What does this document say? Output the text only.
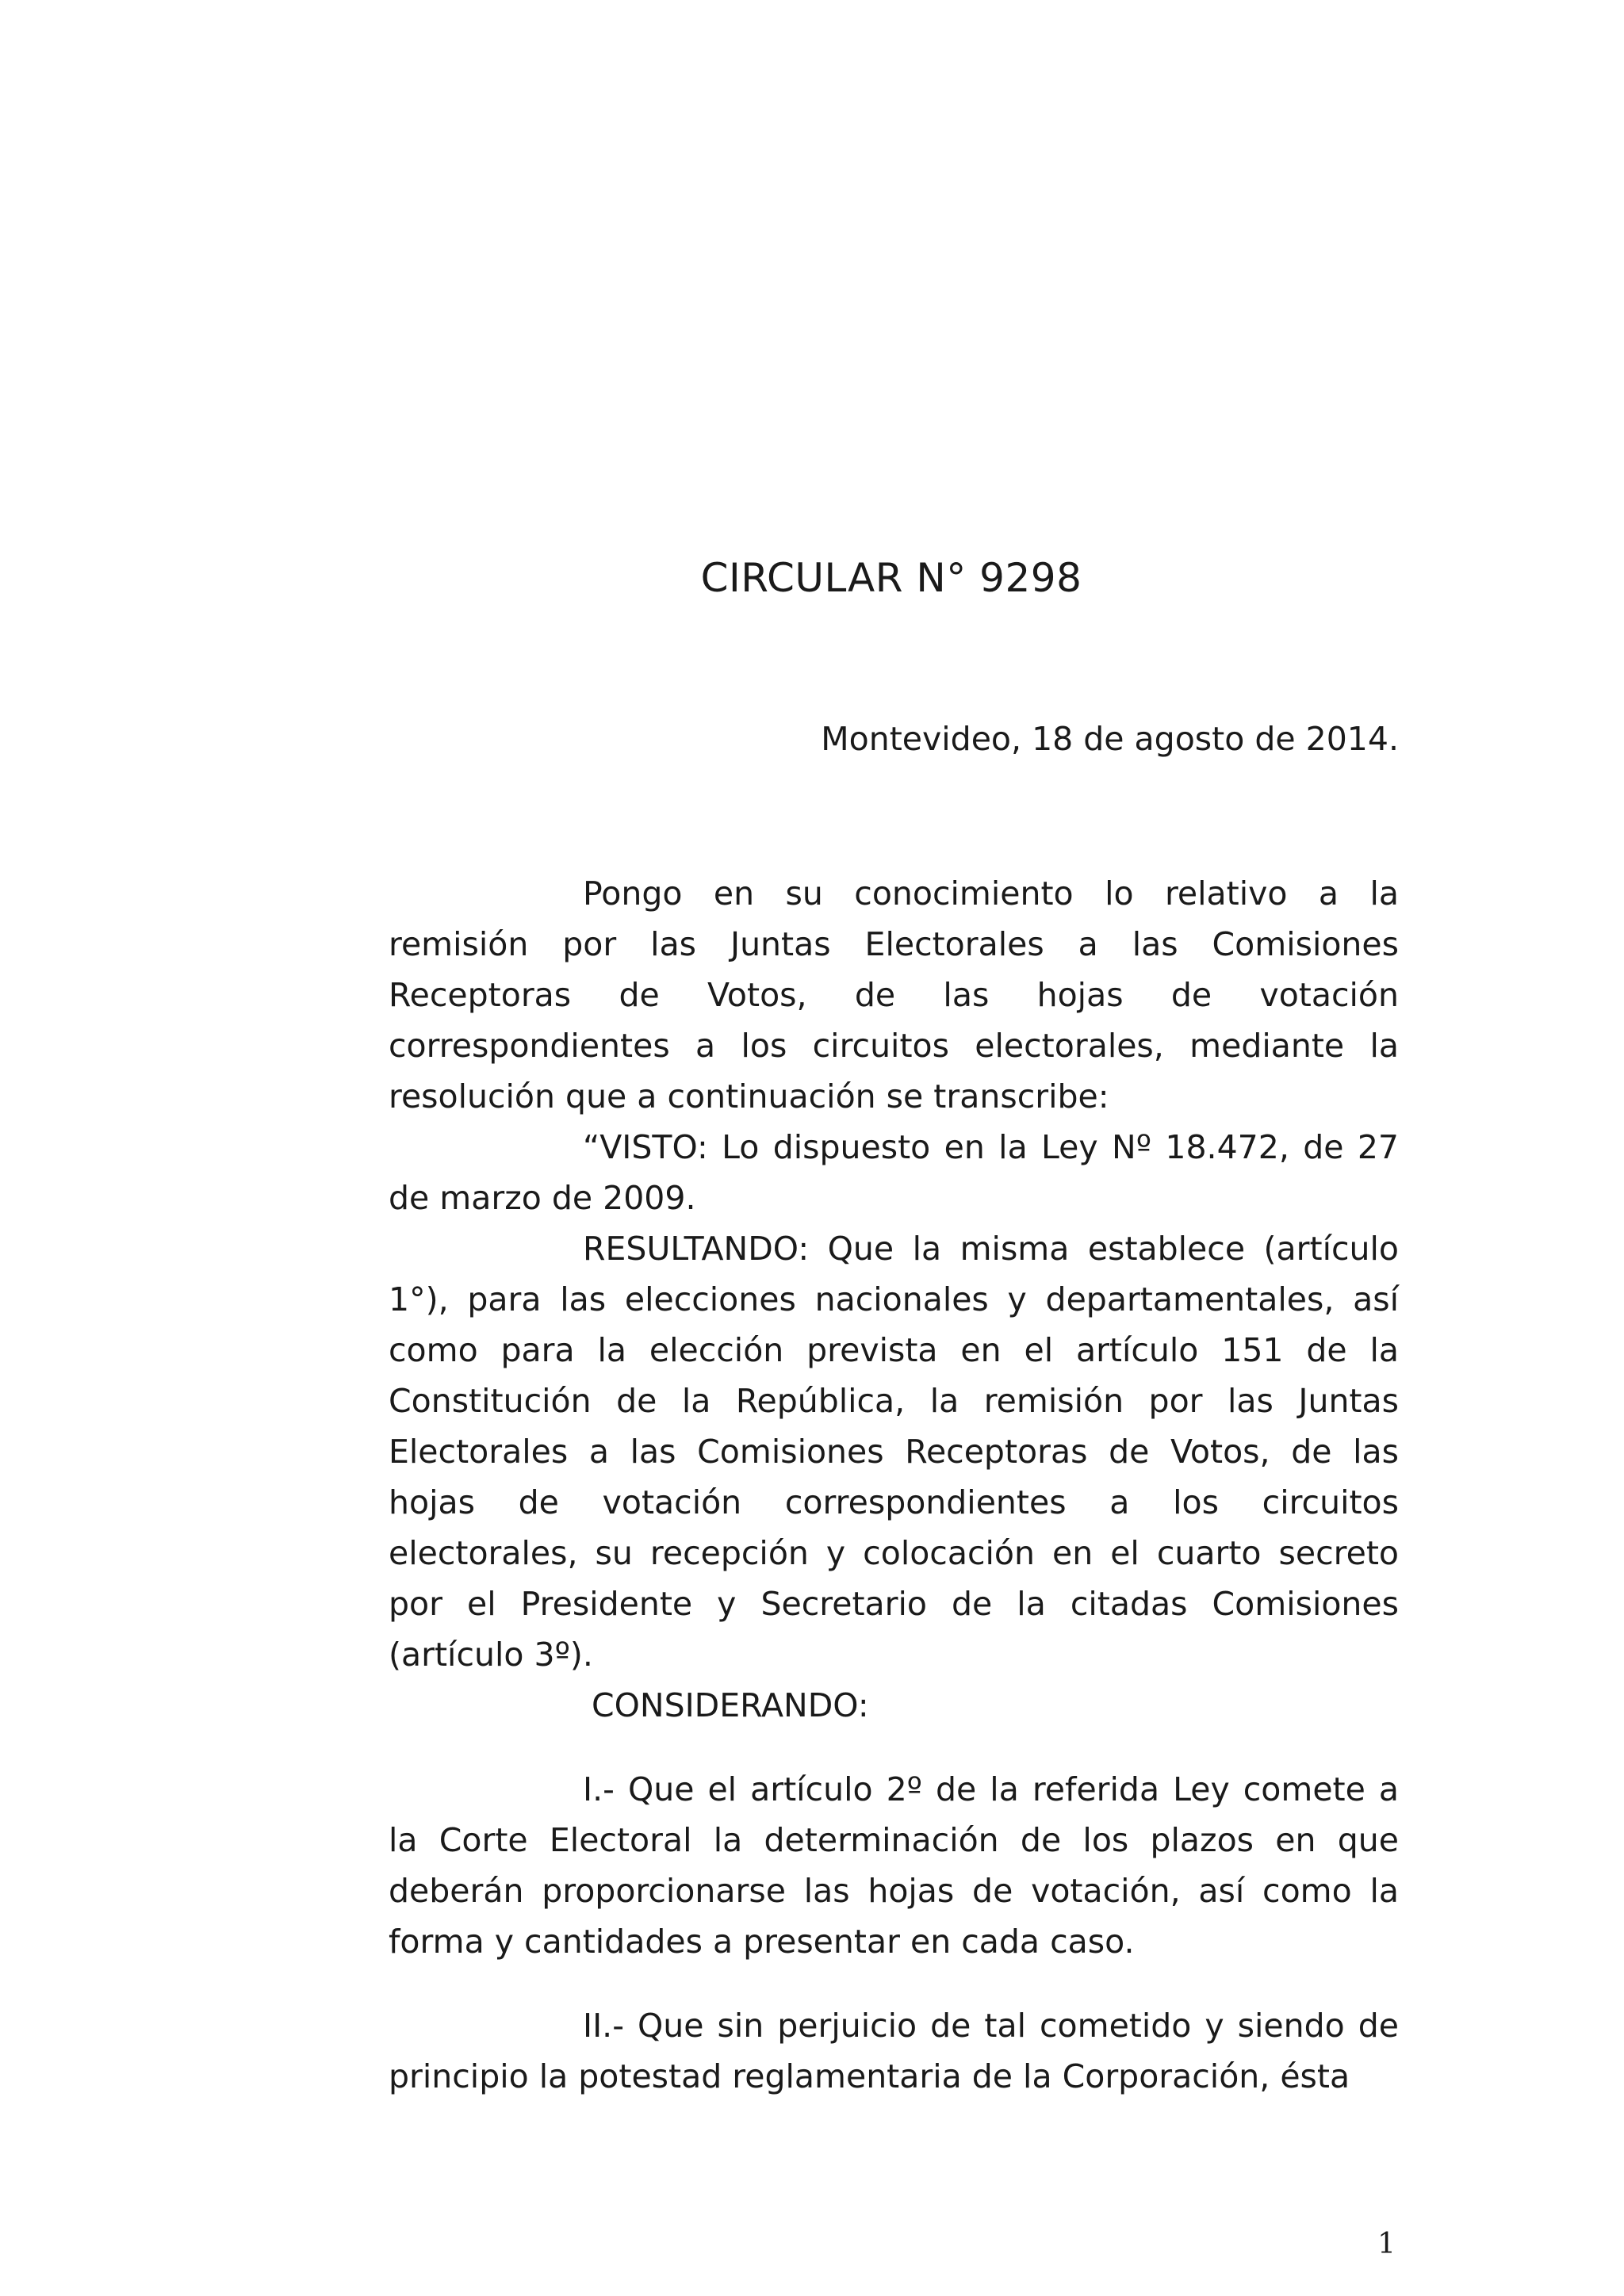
CIRCULAR N° 9298

Montevideo, 18 de agosto de 2014.

Pongo en su conocimiento lo relativo a la remisión por las Juntas Electorales a las Comisiones Receptoras de Votos, de las hojas de votación correspondientes a los circuitos electorales, mediante la resolución que a continuación se transcribe:

“VISTO: Lo dispuesto en la Ley Nº 18.472, de 27 de marzo de 2009.

RESULTANDO: Que la misma establece (artículo 1°), para las elecciones nacionales y departamentales, así como para la elección prevista en el artículo 151 de la Constitución de la República, la remisión por las Juntas Electorales a las Comisiones Receptoras de Votos, de las hojas de votación correspondientes a los circuitos electorales, su recepción y colocación en el cuarto secreto por el Presidente y Secretario de la citadas Comisiones (artículo 3º).

CONSIDERANDO:

I.- Que el artículo 2º de la referida Ley comete a la Corte Electoral la determinación de los plazos en que deberán proporcionarse las hojas de votación, así como la forma y cantidades a presentar en cada caso.

II.- Que sin perjuicio de tal cometido y siendo de principio la potestad reglamentaria de la Corporación, ésta

1
